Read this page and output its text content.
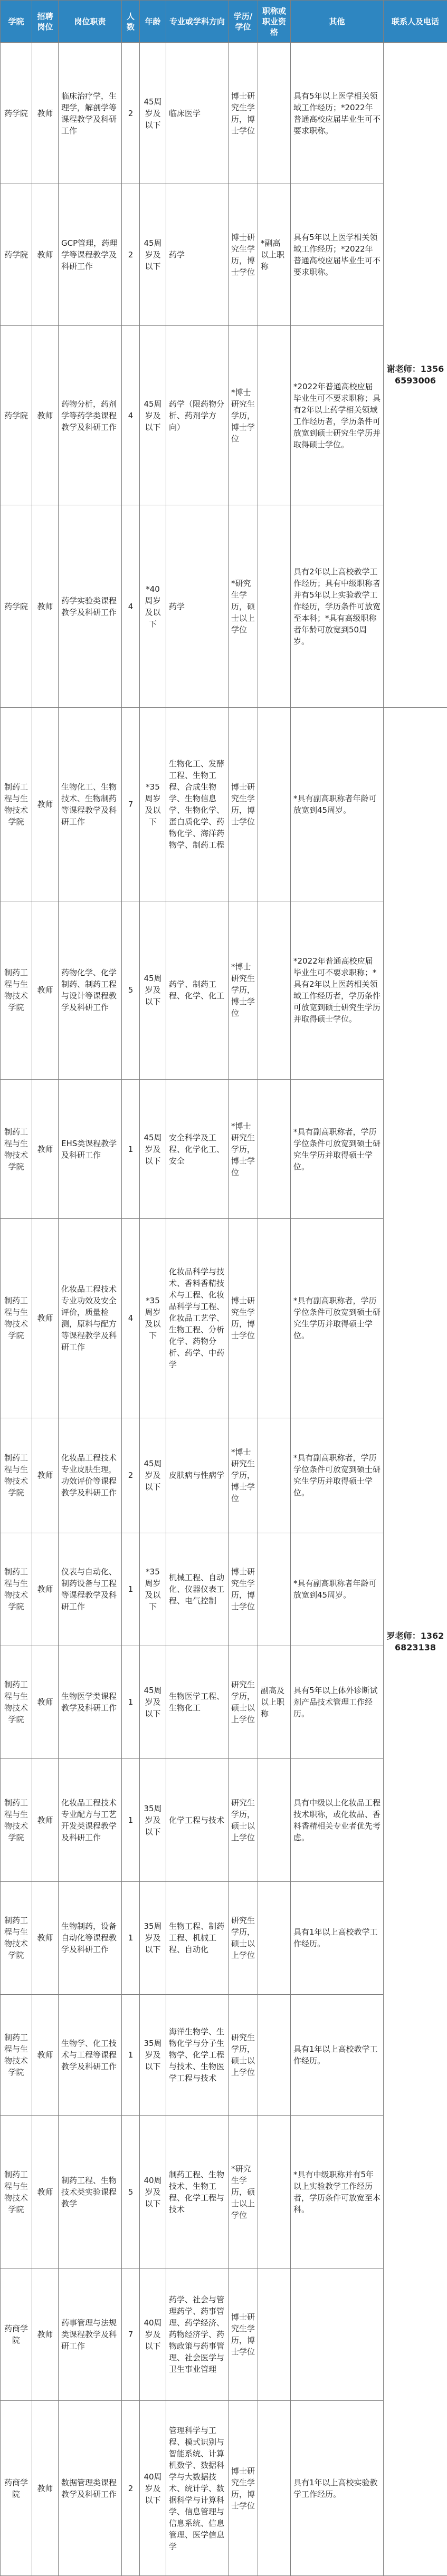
学院	招聘岗位	岗位职责	人数	年龄	专业或学科方向	学历/学位	职称或职业资格	其他	联系人及电话	
药学院	教师	临床治疗学，生理学，解剖学等课程教学及科研工作	2	45周岁及以下	临床医学	博士研究生学历，博士学位		具有5年以上医学相关领域工作经历；*2022年普通高校应届毕业生可不要求职称。	谢老师：13566593006	
药学院	教师	GCP管理，药理学等课程教学及科研工作	2	45周岁及以下	药学	博士研究生学历，博士学位	*副高以上职称	具有5年以上医学相关领域工作经历；*2022年普通高校应届毕业生可不要求职称。		
药学院	教师	药物分析，药剂学等药学类课程教学及科研工作	4	45周岁及以下	药学（限药物分析、药剂学方向）	*博士研究生学历，博士学位		*2022年普通高校应届毕业生可不要求职称；具有2年以上药学相关领域工作经历者，学历条件可放宽到硕士研究生学历并取得硕士学位。		
药学院	教师	药学实验类课程教学及科研工作	4	*40周岁及以下	药学	*研究生学历，硕士以上学位		具有2年以上高校教学工作经历；具有中级职称者并有5年以上实验教学工作经历，学历条件可放宽至本科；*具有高级职称者年龄可放宽到50周岁。		
制药工程与生物技术学院	教师	生物化工、生物技术、生物制药等课程教学及科研工作	7	*35周岁及以下	生物化工、发酵工程、生物工程、合成生物学、生物信息学、生物化学、蛋白质化学、药物化学、海洋药物学、制药工程	博士研究生学历，博士学位		*具有副高职称者年龄可放宽到45周岁。	罗老师：13626823138	
制药工程与生物技术学院	教师	药物化学、化学制药、制药工程与设计等课程教学及科研工作	5	45周岁及以下	药学、制药工程、化学、化工	*博士研究生学历，博士学位		*2022年普通高校应届毕业生可不要求职称；*具有2年以上医药相关领域工作经历者，学历条件可放宽到硕士研究生学历并取得硕士学位。		
制药工程与生物技术学院	教师	EHS类课程教学及科研工作	1	45周岁及以下	安全科学及工程、化学化工、安全	*博士研究生学历，博士学位		*具有副高职称者，学历学位条件可放宽到硕士研究生学历并取得硕士学位。		
制药工程与生物技术学院	教师	化妆品工程技术专业功效及安全评价，质量检测，原料与配方等课程教学及科研工作	4	*35周岁及以下	化妆品科学与技术、香料香精技术与工程、化妆品科学与工程、化妆品工艺学、生物工程、分析化学、药物分析、药学、中药学	博士研究生学历，博士学位		*具有副高职称者，学历学位条件可放宽到硕士研究生学历并取得硕士学位。		
制药工程与生物技术学院	教师	化妆品工程技术专业皮肤生理，功效评价等课程教学及科研工作	2	45周岁及以下	皮肤病与性病学	*博士研究生学历，博士学位		*具有副高职称者，学历学位条件可放宽到硕士研究生学历并取得硕士学位。		
制药工程与生物技术学院	教师	仪表与自动化、制药设备与工程等课程教学及科研工作	1	*35周岁及以下	机械工程、自动化、仪器仪表工程、电气控制	博士研究生学历，博士学位		*具有副高职称者年龄可放宽到45周岁。		
制药工程与生物技术学院	教师	生物医学类课程教学及科研工作	1	45周岁及以下	生物医学工程、生物化工	研究生学历，硕士以上学位	副高及以上职称	具有5年以上体外诊断试剂产品技术管理工作经历。		
制药工程与生物技术学院	教师	化妆品工程技术专业配方与工艺开发类课程教学及科研工作	1	35周岁及以下	化学工程与技术	研究生学历，硕士以上学位		具有中级以上化妆品工程技术职称，或化妆品、香料香精相关专业者优先考虑。		
制药工程与生物技术学院	教师	生物制药，设备自动化等课程教学及科研工作	1	35周岁及以下	生物工程、制药工程、机械工程、自动化	研究生学历，硕士以上学位		具有1年以上高校教学工作经历。		
制药工程与生物技术学院	教师	生物学、化工技术与工程等课程教学及科研工作	1	35周岁及以下	海洋生物学、生物化学与分子生物学、化学工程与技术、生物医学工程与技术	研究生学历，硕士以上学位		具有1年以上高校教学工作经历。		
制药工程与生物技术学院	教师	制药工程、生物技术类实验课程教学	5	40周岁及以下	制药工程、生物技术、生物工程、化学工程与技术	*研究生学历，硕士以上学位		*具有中级职称并有5年以上实验教学工作经历者，学历条件可放宽至本科。		
药商学院	教师	药事管理与法规类课程教学及科研工作	7	40周岁及以下	药学、社会与管理药学、药事管理、药学经济、药物经济学、药物政策与药事管理、社会医学与卫生事业管理	博士研究生学历，博士学位				
药商学院	教师	数据管理类课程教学及科研工作	2	40周岁及以下	管理科学与工程、模式识别与智能系统、计算机数学、数据科学与大数据技术、统计学、数据科学与计算科学、信息管理与信息系统、信息管理、医学信息学	博士研究生学历，博士学位		具有1年以上高校实验教学工作经历。		
